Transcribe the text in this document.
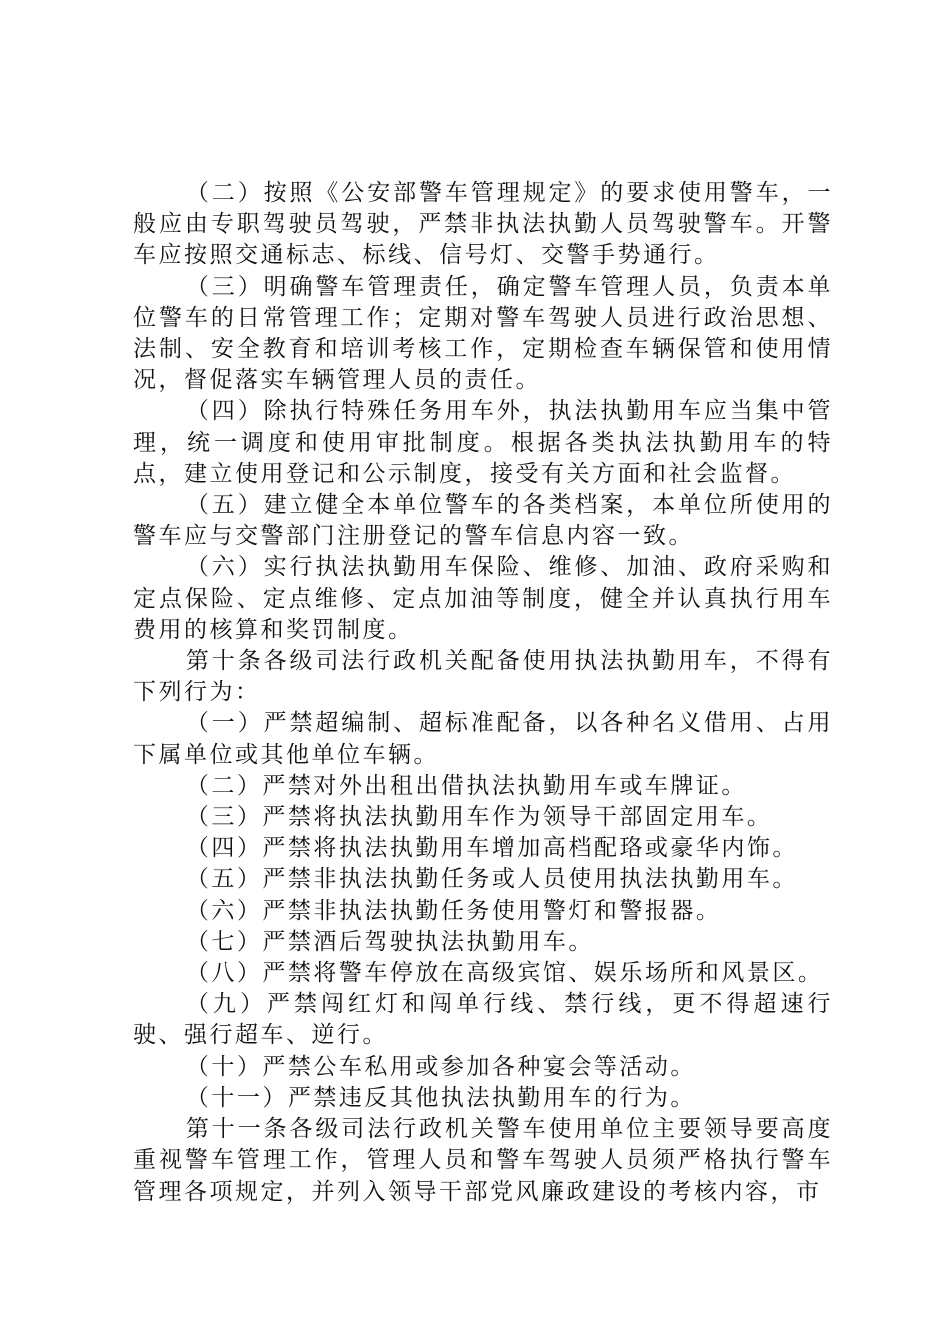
（二）按照《公安部警车管理规定》的要求使用警车，一般应由专职驾驶员驾驶，严禁非执法执勤人员驾驶警车。开警车应按照交通标志、标线、信号灯、交警手势通行。

（三）明确警车管理责任，确定警车管理人员，负责本单位警车的日常管理工作；定期对警车驾驶人员进行政治思想、法制、安全教育和培训考核工作，定期检查车辆保管和使用情况，督促落实车辆管理人员的责任。

（四）除执行特殊任务用车外，执法执勤用车应当集中管理，统一调度和使用审批制度。根据各类执法执勤用车的特点，建立使用登记和公示制度，接受有关方面和社会监督。

（五）建立健全本单位警车的各类档案，本单位所使用的警车应与交警部门注册登记的警车信息内容一致。

（六）实行执法执勤用车保险、维修、加油、政府采购和定点保险、定点维修、定点加油等制度，健全并认真执行用车费用的核算和奖罚制度。

第十条各级司法行政机关配备使用执法执勤用车，不得有下列行为：

（一）严禁超编制、超标准配备，以各种名义借用、占用下属单位或其他单位车辆。

（二）严禁对外出租出借执法执勤用车或车牌证。

（三）严禁将执法执勤用车作为领导干部固定用车。

（四）严禁将执法执勤用车增加高档配珞或豪华内饰。

（五）严禁非执法执勤任务或人员使用执法执勤用车。

（六）严禁非执法执勤任务使用警灯和警报器。

（七）严禁酒后驾驶执法执勤用车。

（八）严禁将警车停放在高级宾馆、娱乐场所和风景区。

（九）严禁闯红灯和闯单行线、禁行线，更不得超速行驶、强行超车、逆行。

（十）严禁公车私用或参加各种宴会等活动。

（十一）严禁违反其他执法执勤用车的行为。

第十一条各级司法行政机关警车使用单位主要领导要高度重视警车管理工作，管理人员和警车驾驶人员须严格执行警车管理各项规定，并列入领导干部党风廉政建设的考核内容，市
